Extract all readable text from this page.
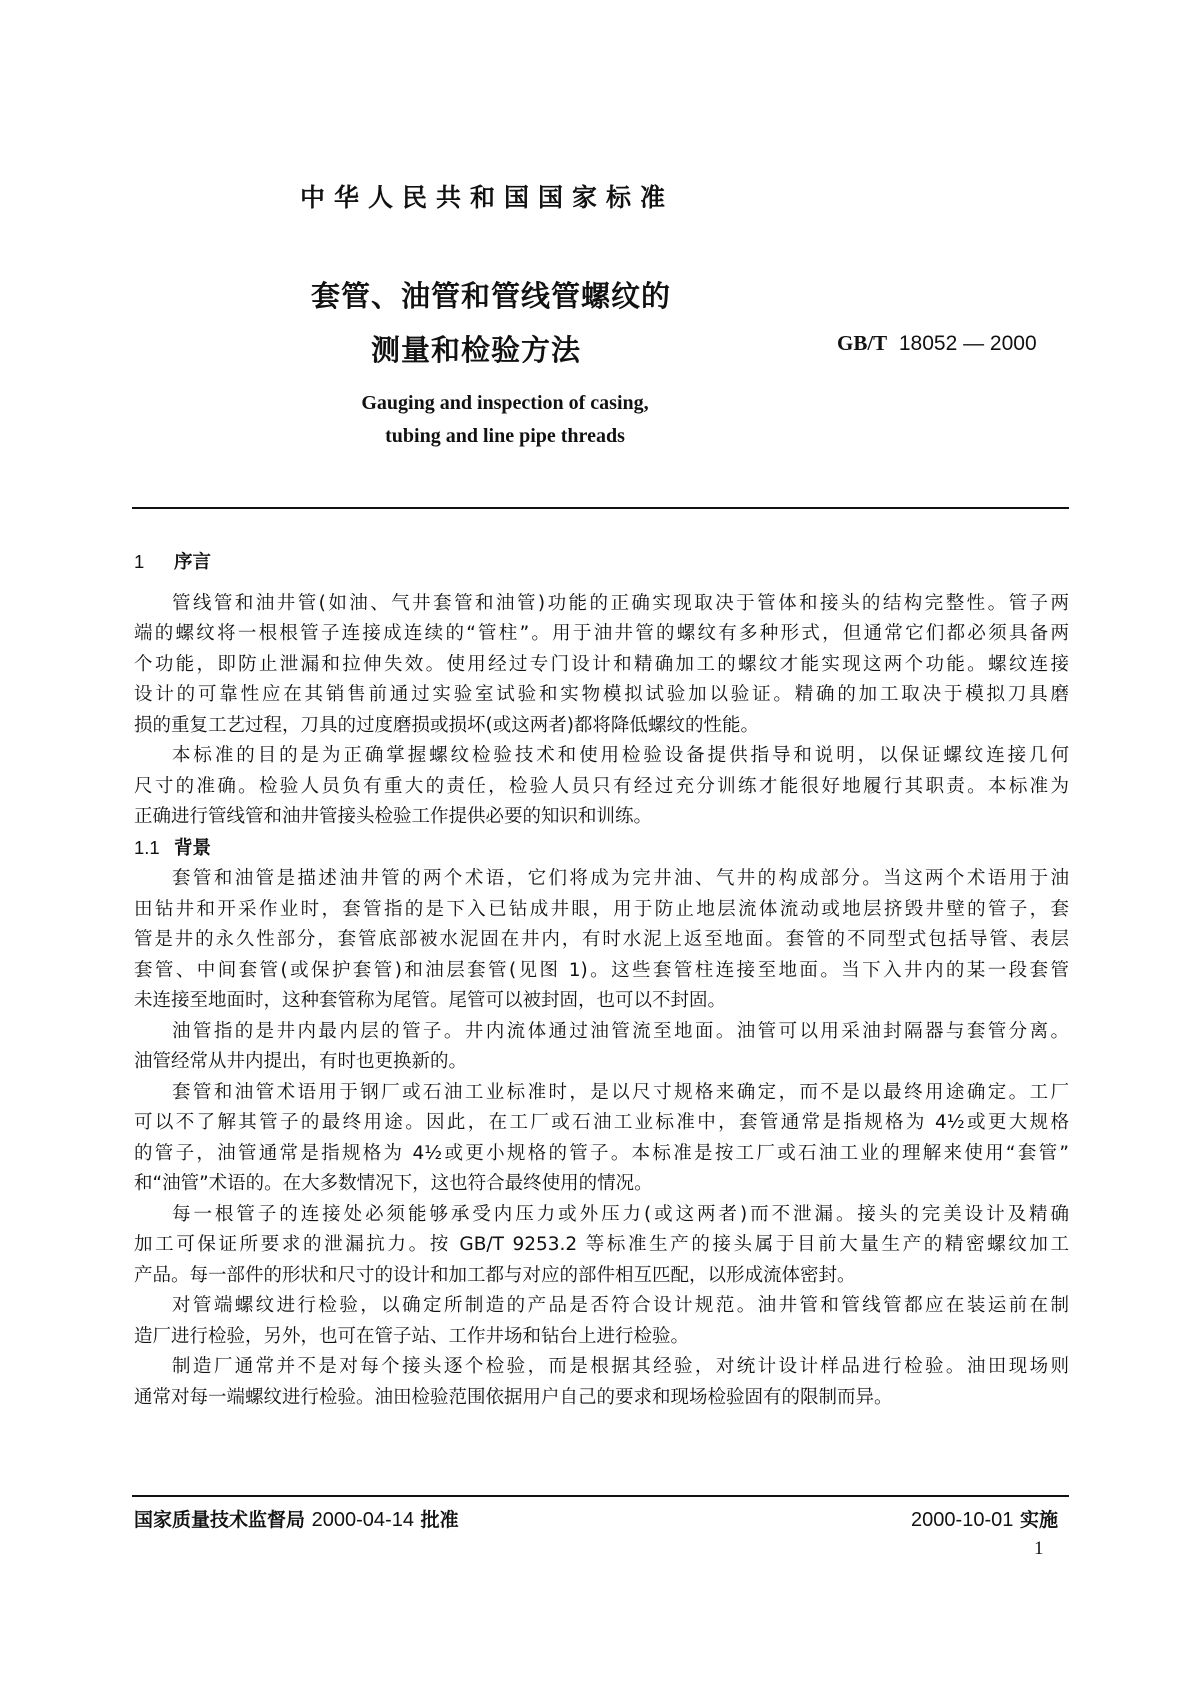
中华人民共和国国家标准
套管、油管和管线管螺纹的
测量和检验方法	GB/T 18052 — 2000
Gauging and inspection of casing,
tubing and line pipe threads
1 序言
管线管和油井管(如油、气井套管和油管)功能的正确实现取决于管体和接头的结构完整性。管子两
端的螺纹将一根根管子连接成连续的“管柱”。用于油井管的螺纹有多种形式，但通常它们都必须具备两
个功能，即防止泄漏和拉伸失效。使用经过专门设计和精确加工的螺纹才能实现这两个功能。螺纹连接
设计的可靠性应在其销售前通过实验室试验和实物模拟试验加以验证。精确的加工取决于模拟刀具磨
损的重复工艺过程，刀具的过度磨损或损坏(或这两者)都将降低螺纹的性能。
本标准的目的是为正确掌握螺纹检验技术和使用检验设备提供指导和说明，以保证螺纹连接几何
尺寸的准确。检验人员负有重大的责任，检验人员只有经过充分训练才能很好地履行其职责。本标准为
正确进行管线管和油井管接头检验工作提供必要的知识和训练。
1.1 背景
套管和油管是描述油井管的两个术语，它们将成为完井油、气井的构成部分。当这两个术语用于油
田钻井和开采作业时，套管指的是下入已钻成井眼，用于防止地层流体流动或地层挤毁井壁的管子，套
管是井的永久性部分，套管底部被水泥固在井内，有时水泥上返至地面。套管的不同型式包括导管、表层
套管、中间套管(或保护套管)和油层套管(见图 1)。这些套管柱连接至地面。当下入井内的某一段套管
未连接至地面时，这种套管称为尾管。尾管可以被封固，也可以不封固。
油管指的是井内最内层的管子。井内流体通过油管流至地面。油管可以用采油封隔器与套管分离。
油管经常从井内提出，有时也更换新的。
套管和油管术语用于钢厂或石油工业标准时，是以尺寸规格来确定，而不是以最终用途确定。工厂
可以不了解其管子的最终用途。因此，在工厂或石油工业标准中，套管通常是指规格为 4½或更大规格
的管子，油管通常是指规格为 4½或更小规格的管子。本标准是按工厂或石油工业的理解来使用“套管”
和“油管”术语的。在大多数情况下，这也符合最终使用的情况。
每一根管子的连接处必须能够承受内压力或外压力(或这两者)而不泄漏。接头的完美设计及精确
加工可保证所要求的泄漏抗力。按 GB/T 9253.2 等标准生产的接头属于目前大量生产的精密螺纹加工
产品。每一部件的形状和尺寸的设计和加工都与对应的部件相互匹配，以形成流体密封。
对管端螺纹进行检验，以确定所制造的产品是否符合设计规范。油井管和管线管都应在装运前在制
造厂进行检验，另外，也可在管子站、工作井场和钻台上进行检验。
制造厂通常并不是对每个接头逐个检验，而是根据其经验，对统计设计样品进行检验。油田现场则
通常对每一端螺纹进行检验。油田检验范围依据用户自己的要求和现场检验固有的限制而异。
国家质量技术监督局 2000-04-14 批准	2000-10-01 实施
1
